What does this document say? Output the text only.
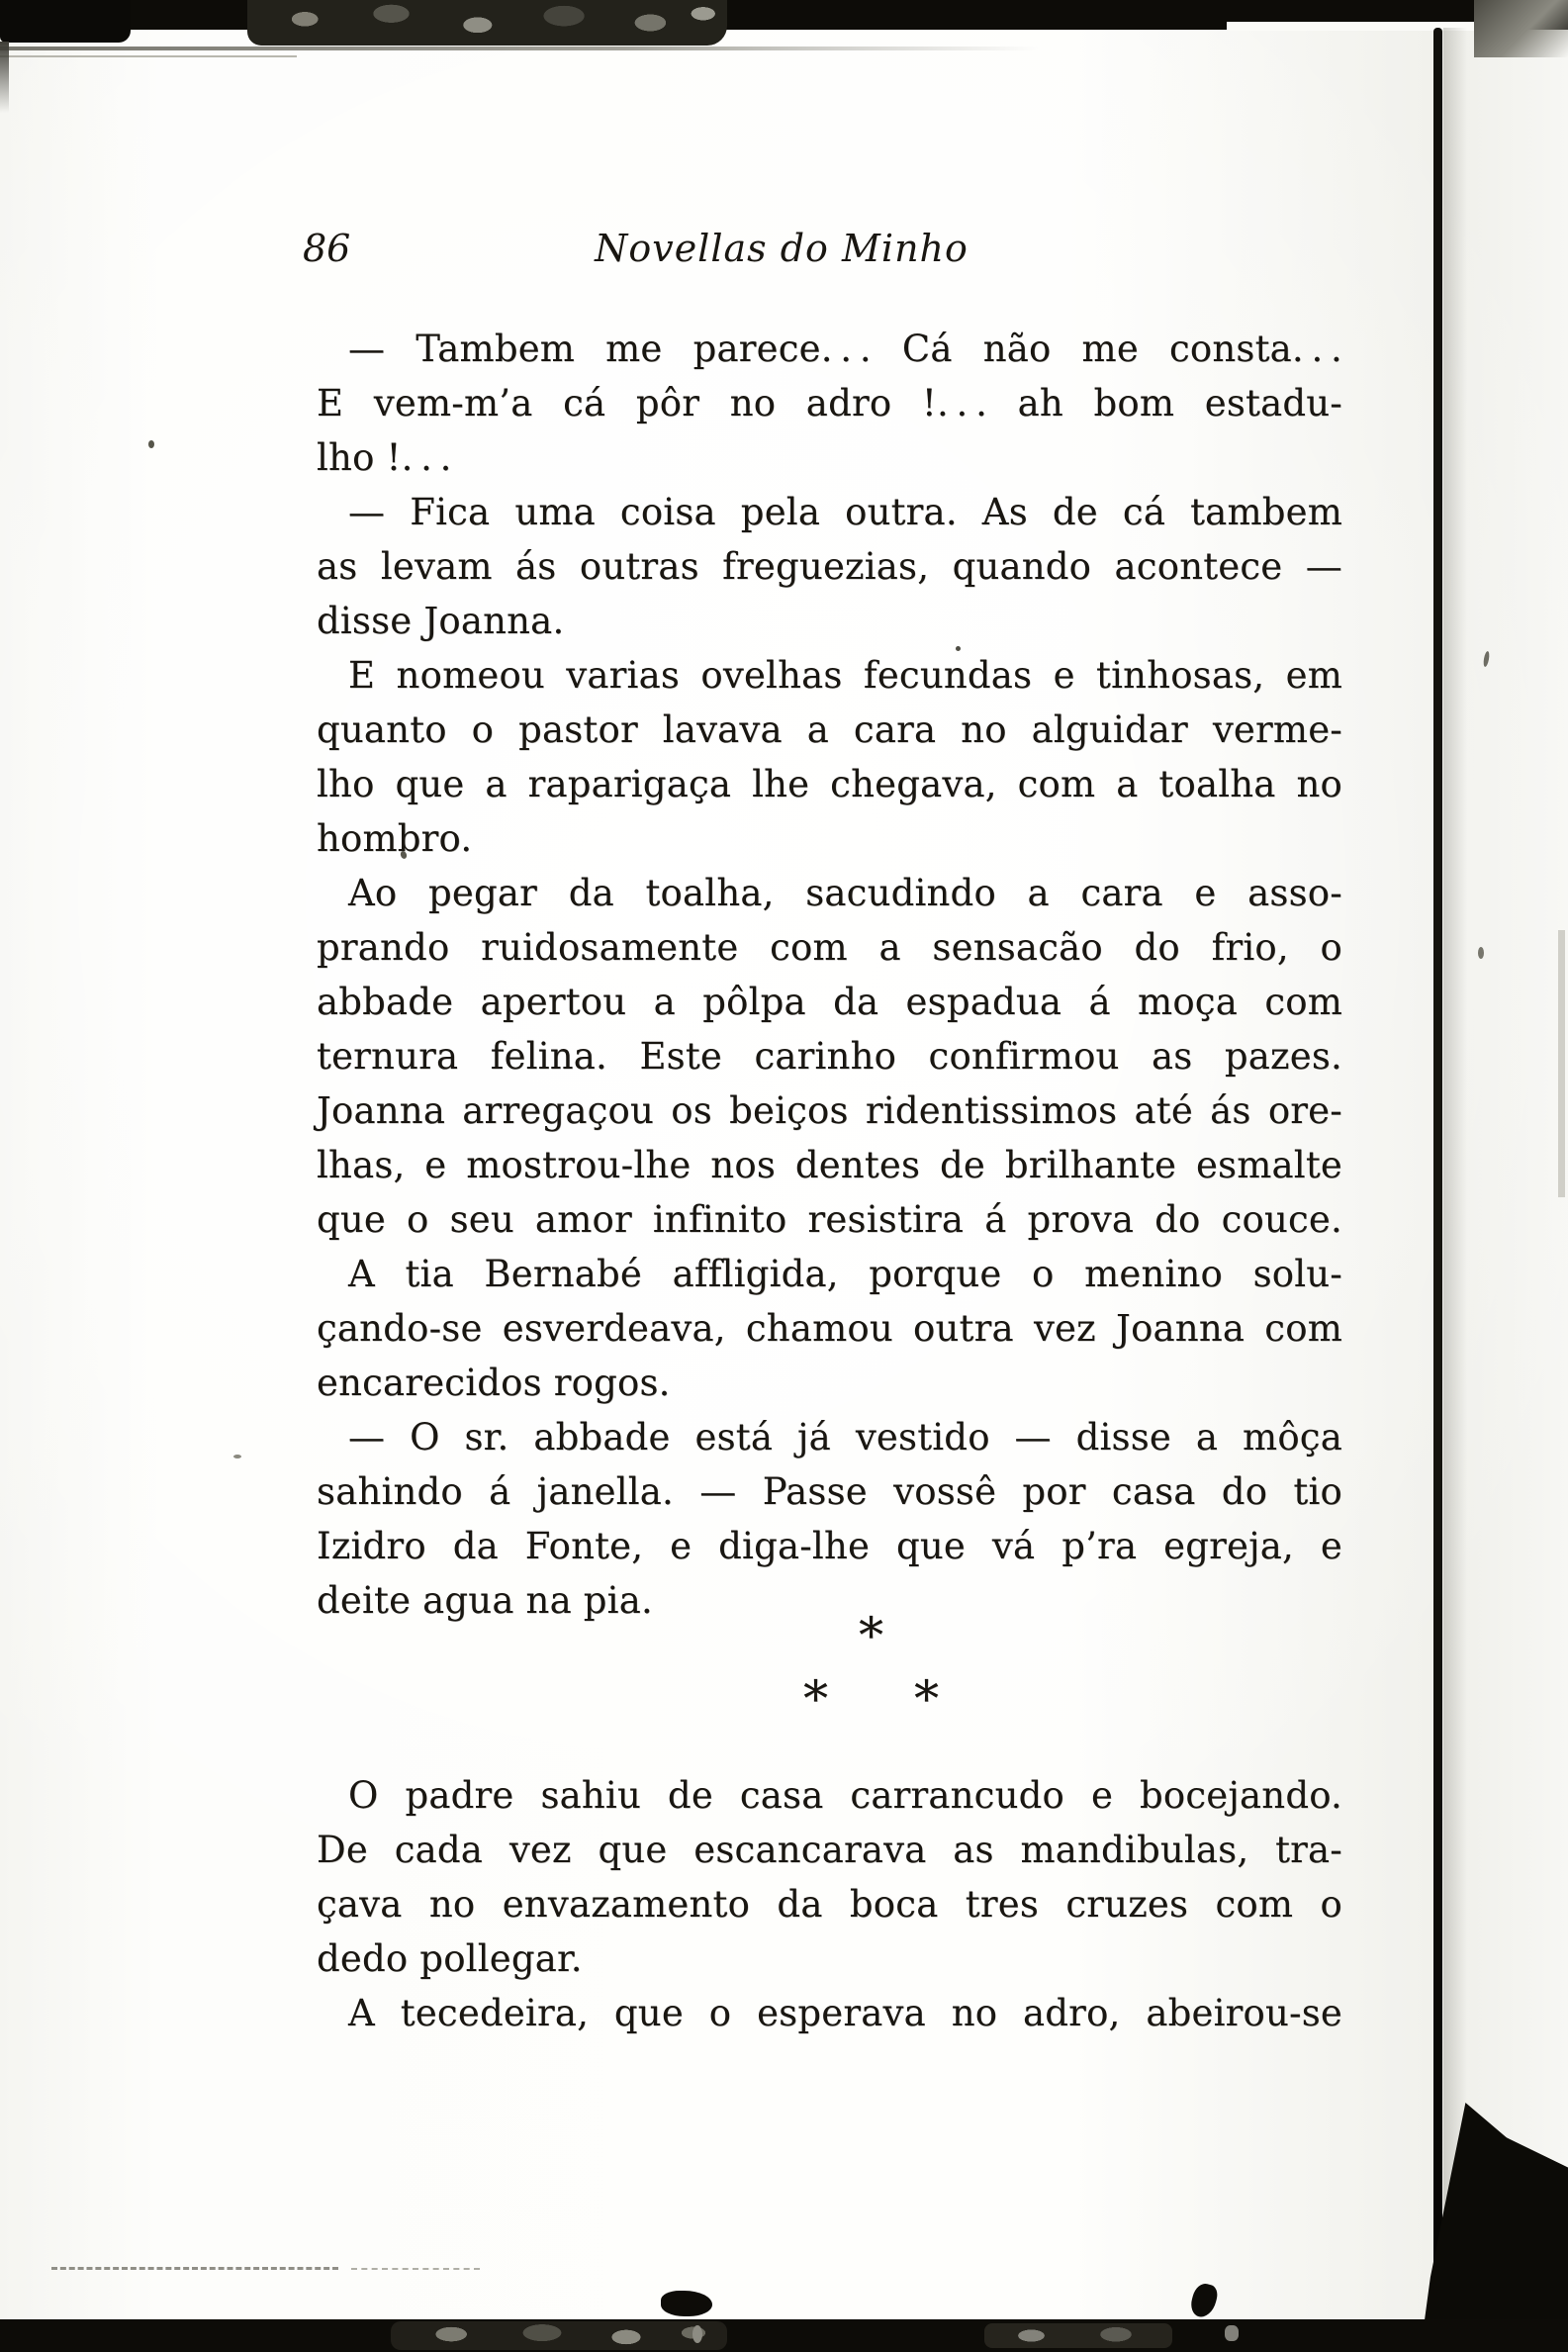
86	Novellas do Minho
— Tambem me parece. . . Cá não me consta. . .
E vem-m’a cá pôr no adro !. . . ah bom estadu-
lho !. . .
— Fica uma coisa pela outra. As de cá tambem
as levam ás outras freguezias, quando acontece —
disse Joanna.
E nomeou varias ovelhas fecundas e tinhosas, em
quanto o pastor lavava a cara no alguidar verme-
lho que a raparigaça lhe chegava, com a toalha no
hombro.
Ao pegar da toalha, sacudindo a cara e asso-
prando ruidosamente com a sensacão do frio, o
abbade apertou a pôlpa da espadua á moça com
ternura felina. Este carinho confirmou as pazes.
Joanna arregaçou os beiços ridentissimos até ás ore-
lhas, e mostrou-lhe nos dentes de brilhante esmalte
que o seu amor infinito resistira á prova do couce.
A tia Bernabé affligida, porque o menino solu-
çando-se esverdeava, chamou outra vez Joanna com
encarecidos rogos.
— O sr. abbade está já vestido — disse a môça
sahindo á janella. — Passe vossê por casa do tio
Izidro da Fonte, e diga-lhe que vá p’ra egreja, e
deite agua na pia.
*
* *
O padre sahiu de casa carrancudo e bocejando.
De cada vez que escancarava as mandibulas, tra-
çava no envazamento da boca tres cruzes com o
dedo pollegar.
A tecedeira, que o esperava no adro, abeirou-se
